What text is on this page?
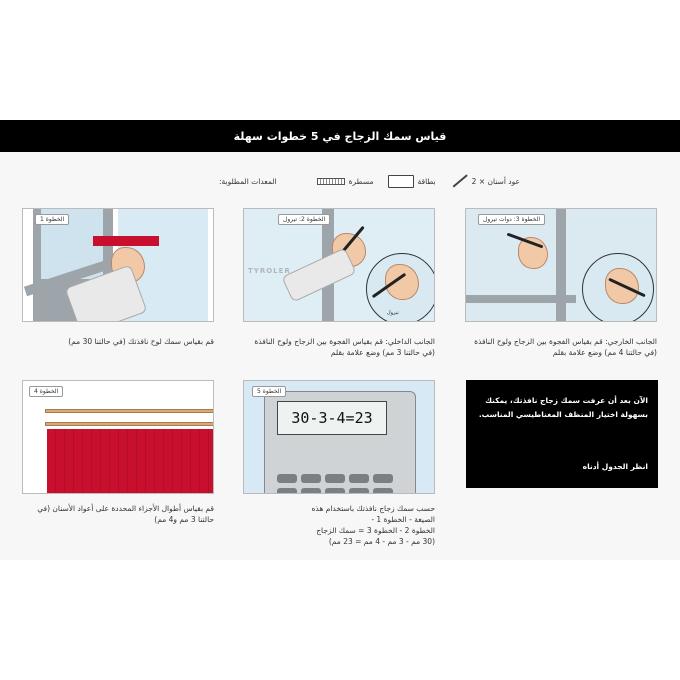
قياس سمك الزجاج في 5 خطوات سهلة
عود أسنان × 2
بطاقة
مسطرة
المعدات المطلوبة:
الخطوة 1
قم بقياس سمك لوح نافذتك (في حالتنا 30 مم)
تيرول
TYROLER
الخطوة 2: تيرول
الجانب الداخلي: قم بقياس الفجوة بين الزجاج ولوح النافذة (في حالتنا 3 مم) وضع علامة بقلم
الخطوة 3: دوات تيرول
الجانب الخارجي: قم بقياس الفجوة بين الزجاج ولوح النافذة (في حالتنا 4 مم) وضع علامة بقلم
الخطوة 4
قم بقياس أطوال الأجزاء المحددة على أعواد الأسنان (في حالتنا 3 مم و4 مم)
30-3-4=23
الخطوة 5
حسب سمك زجاج نافذتك باستخدام هذه
الصيغة - الخطوة 1 -
الخطوة 2 - الخطوة 3 = سمك الزجاج
(30 مم - 3 مم - 4 مم = 23 مم)

الآن بعد أن عرفت سمك زجاج نافذتك، يمكنك بسهولة اختيار المنظف المغناطيسي المناسب.

انظر الجدول أدناه
